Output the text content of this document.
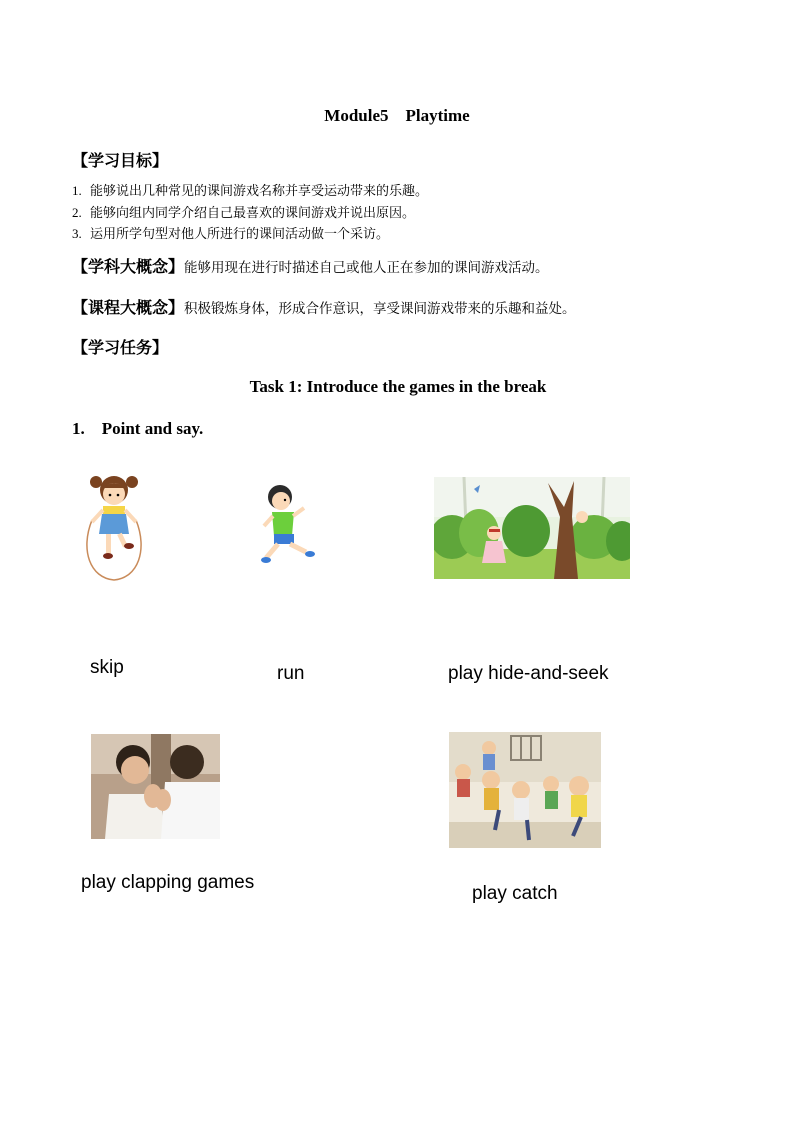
Module5    Playtime
【学习目标】
1. 能够说出几种常见的课间游戏名称并享受运动带来的乐趣。
2. 能够向组内同学介绍自己最喜欢的课间游戏并说出原因。
3. 运用所学句型对他人所进行的课间活动做一个采访。
【学科大概念】能够用现在进行时描述自己或他人正在参加的课间游戏活动。
【课程大概念】积极锻炼身体，形成合作意识，享受课间游戏带来的乐趣和益处。
【学习任务】
Task 1: Introduce the games in the break
1.    Point and say.
skip	run	play hide-and-seek
play clapping games
play catch
